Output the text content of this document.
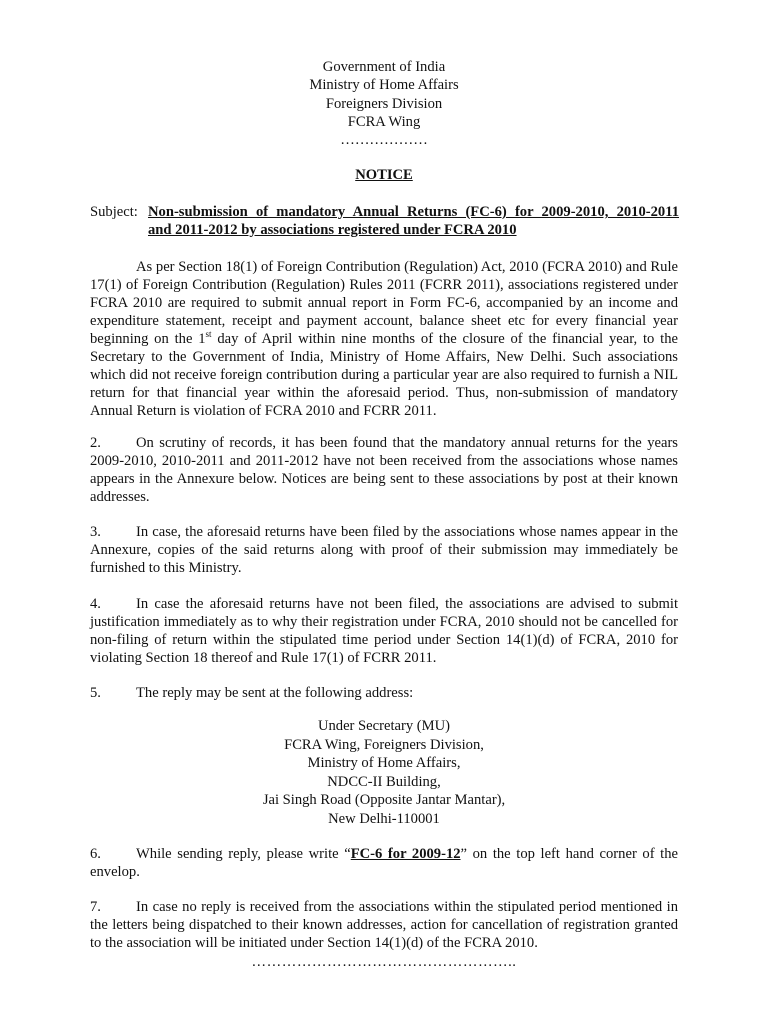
Government of India
Ministry of Home Affairs
Foreigners Division
FCRA Wing
………………
NOTICE
Subject: Non-submission of mandatory Annual Returns (FC-6) for 2009-2010, 2010-2011
and 2011-2012 by associations registered under FCRA 2010
As per Section 18(1) of Foreign Contribution (Regulation) Act, 2010 (FCRA 2010) and Rule 17(1) of Foreign Contribution (Regulation) Rules 2011 (FCRR 2011), associations registered under FCRA 2010 are required to submit annual report in Form FC-6, accompanied by an income and expenditure statement, receipt and payment account, balance sheet etc for every financial year beginning on the 1st day of April within nine months of the closure of the financial year, to the Secretary to the Government of India, Ministry of Home Affairs, New Delhi. Such associations which did not receive foreign contribution during a particular year are also required to furnish a NIL return for that financial year within the aforesaid period. Thus, non-submission of mandatory Annual Return is violation of FCRA 2010 and FCRR 2011.
2. On scrutiny of records, it has been found that the mandatory annual returns for the years 2009-2010, 2010-2011 and 2011-2012 have not been received from the associations whose names appears in the Annexure below. Notices are being sent to these associations by post at their known addresses.
3. In case, the aforesaid returns have been filed by the associations whose names appear in the Annexure, copies of the said returns along with proof of their submission may immediately be furnished to this Ministry.
4. In case the aforesaid returns have not been filed, the associations are advised to submit justification immediately as to why their registration under FCRA, 2010 should not be cancelled for non-filing of return within the stipulated time period under Section 14(1)(d) of FCRA, 2010 for violating Section 18 thereof and Rule 17(1) of FCRR 2011.
5. The reply may be sent at the following address:
Under Secretary (MU)
FCRA Wing, Foreigners Division,
Ministry of Home Affairs,
NDCC-II Building,
Jai Singh Road (Opposite Jantar Mantar),
New Delhi-110001
6. While sending reply, please write “FC-6 for 2009-12” on the top left hand corner of the envelop.
7. In case no reply is received from the associations within the stipulated period mentioned in the letters being dispatched to their known addresses, action for cancellation of registration granted to the association will be initiated under Section 14(1)(d) of the FCRA 2010.
……………………………………………..
